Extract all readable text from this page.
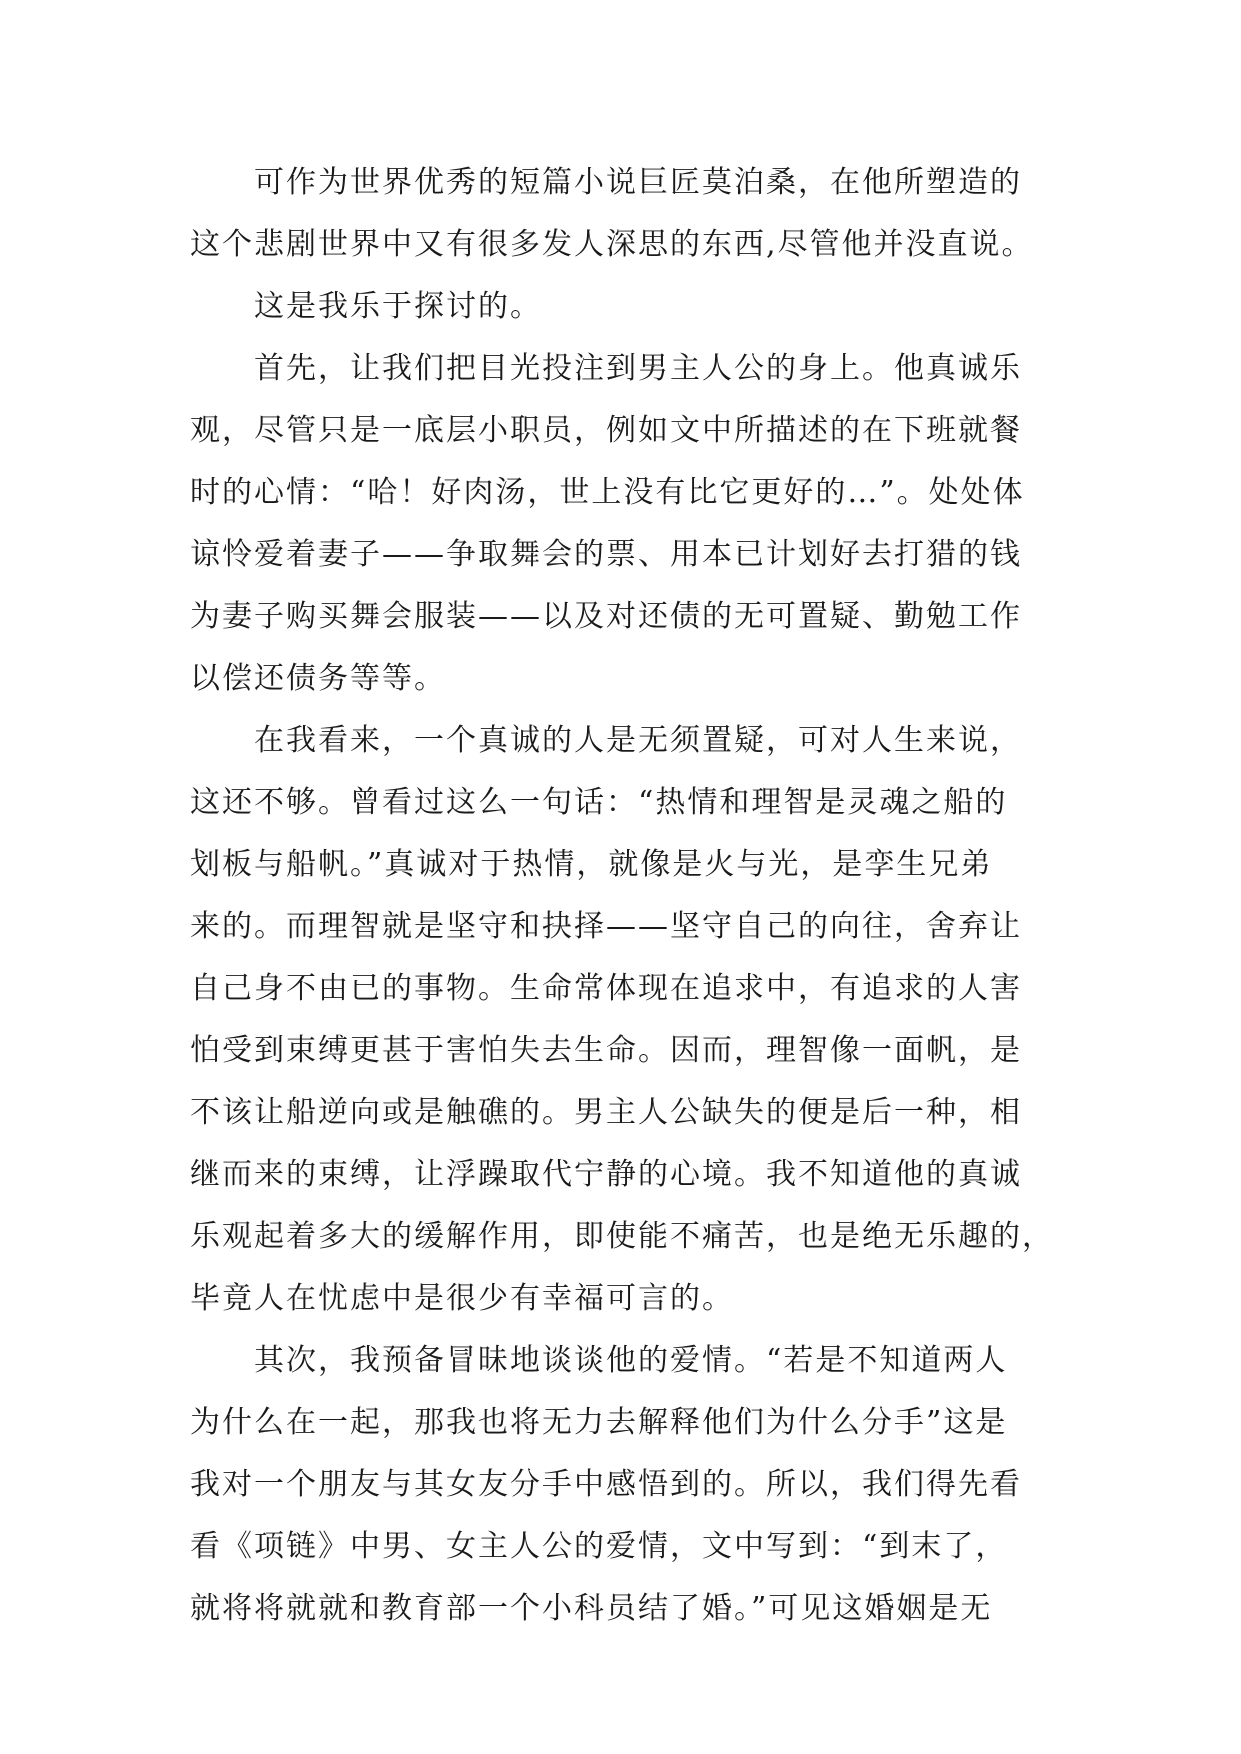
可作为世界优秀的短篇小说巨匠莫泊桑，在他所塑造的
这个悲剧世界中又有很多发人深思的东西,尽管他并没直说。
这是我乐于探讨的。
首先，让我们把目光投注到男主人公的身上。他真诚乐
观，尽管只是一底层小职员，例如文中所描述的在下班就餐
时的心情：“哈！好肉汤，世上没有比它更好的…”。处处体
谅怜爱着妻子——争取舞会的票、用本已计划好去打猎的钱
为妻子购买舞会服装——以及对还债的无可置疑、勤勉工作
以偿还债务等等。
在我看来，一个真诚的人是无须置疑，可对人生来说，
这还不够。曾看过这么一句话：“热情和理智是灵魂之船的
划板与船帆。”真诚对于热情，就像是火与光，是孪生兄弟
来的。而理智就是坚守和抉择——坚守自己的向往，舍弃让
自己身不由已的事物。生命常体现在追求中，有追求的人害
怕受到束缚更甚于害怕失去生命。因而，理智像一面帆，是
不该让船逆向或是触礁的。男主人公缺失的便是后一种，相
继而来的束缚，让浮躁取代宁静的心境。我不知道他的真诚
乐观起着多大的缓解作用，即使能不痛苦，也是绝无乐趣的，
毕竟人在忧虑中是很少有幸福可言的。
其次，我预备冒昧地谈谈他的爱情。“若是不知道两人
为什么在一起，那我也将无力去解释他们为什么分手”这是
我对一个朋友与其女友分手中感悟到的。所以，我们得先看
看《项链》中男、女主人公的爱情，文中写到：“到末了，
就将将就就和教育部一个小科员结了婚。”可见这婚姻是无
